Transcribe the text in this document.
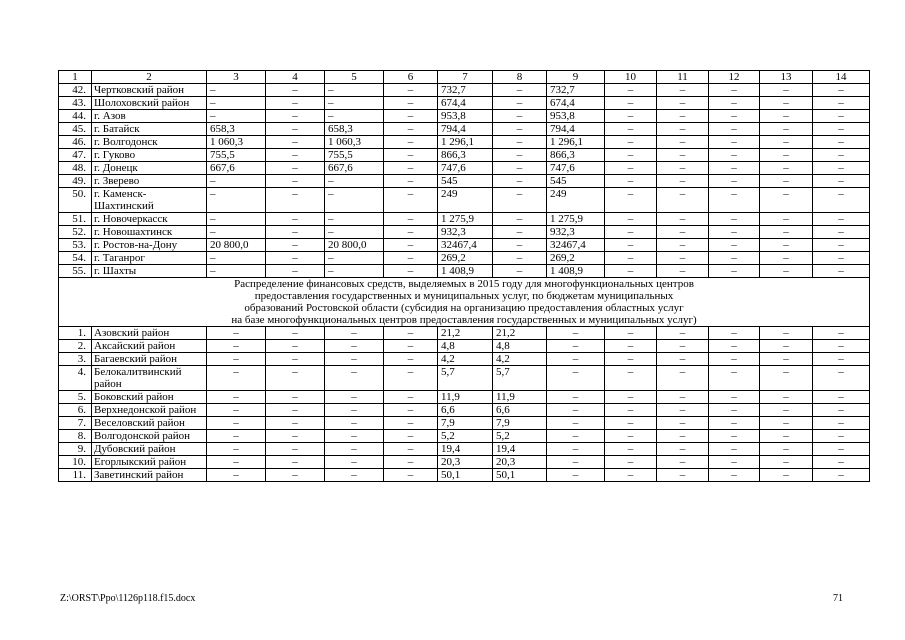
1	2	3	4	5	6	7	8	9	10	11	12	13	14
42.	Чертковский район	–	–	–	–	732,7	–	732,7	–	–	–	–	–
43.	Шолоховский район	–	–	–	–	674,4	–	674,4	–	–	–	–	–
44.	г. Азов	–	–	–	–	953,8	–	953,8	–	–	–	–	–
45.	г. Батайск	658,3	–	658,3	–	794,4	–	794,4	–	–	–	–	–
46.	г. Волгодонск	1 060,3	–	1 060,3	–	1 296,1	–	1 296,1	–	–	–	–	–
47.	г. Гуково	755,5	–	755,5	–	866,3	–	866,3	–	–	–	–	–
48.	г. Донецк	667,6	–	667,6	–	747,6	–	747,6	–	–	–	–	–
49.	г. Зверево	–	–	–	–	545	–	545	–	–	–	–	–
50.	г. Каменск-Шахтинский	–	–	–	–	249	–	249	–	–	–	–	–
51.	г. Новочеркасск	–	–	–	–	1 275,9	–	1 275,9	–	–	–	–	–
52.	г. Новошахтинск	–	–	–	–	932,3	–	932,3	–	–	–	–	–
53.	г. Ростов-на-Дону	20 800,0	–	20 800,0	–	32467,4	–	32467,4	–	–	–	–	–
54.	г. Таганрог	–	–	–	–	269,2	–	269,2	–	–	–	–	–
55.	г. Шахты	–	–	–	–	1 408,9	–	1 408,9	–	–	–	–	–

Распределение финансовых средств, выделяемых в 2015 году для многофункциональных центров
предоставления государственных и муниципальных услуг, по бюджетам муниципальных
образований Ростовской области (субсидия на организацию предоставления областных услуг
на базе многофункциональных центров предоставления государственных и муниципальных услуг)													

1.	Азовский район	–	–	–	–	21,2	21,2	–	–	–	–	–	–
2.	Аксайский район	–	–	–	–	4,8	4,8	–	–	–	–	–	–
3.	Багаевский район	–	–	–	–	4,2	4,2	–	–	–	–	–	–
4.	Белокалитвинский район	–	–	–	–	5,7	5,7	–	–	–	–	–	–
5.	Боковский район	–	–	–	–	11,9	11,9	–	–	–	–	–	–
6.	Верхнедонской район	–	–	–	–	6,6	6,6	–	–	–	–	–	–
7.	Веселовский район	–	–	–	–	7,9	7,9	–	–	–	–	–	–
8.	Волгодонской район	–	–	–	–	5,2	5,2	–	–	–	–	–	–
9.	Дубовский район	–	–	–	–	19,4	19,4	–	–	–	–	–	–
10.	Егорлыкский район	–	–	–	–	20,3	20,3	–	–	–	–	–	–
11.	Заветинский район	–	–	–	–	50,1	50,1	–	–	–	–	–	–
Z:\ORST\Ppo\1126p118.f15.docx	71
